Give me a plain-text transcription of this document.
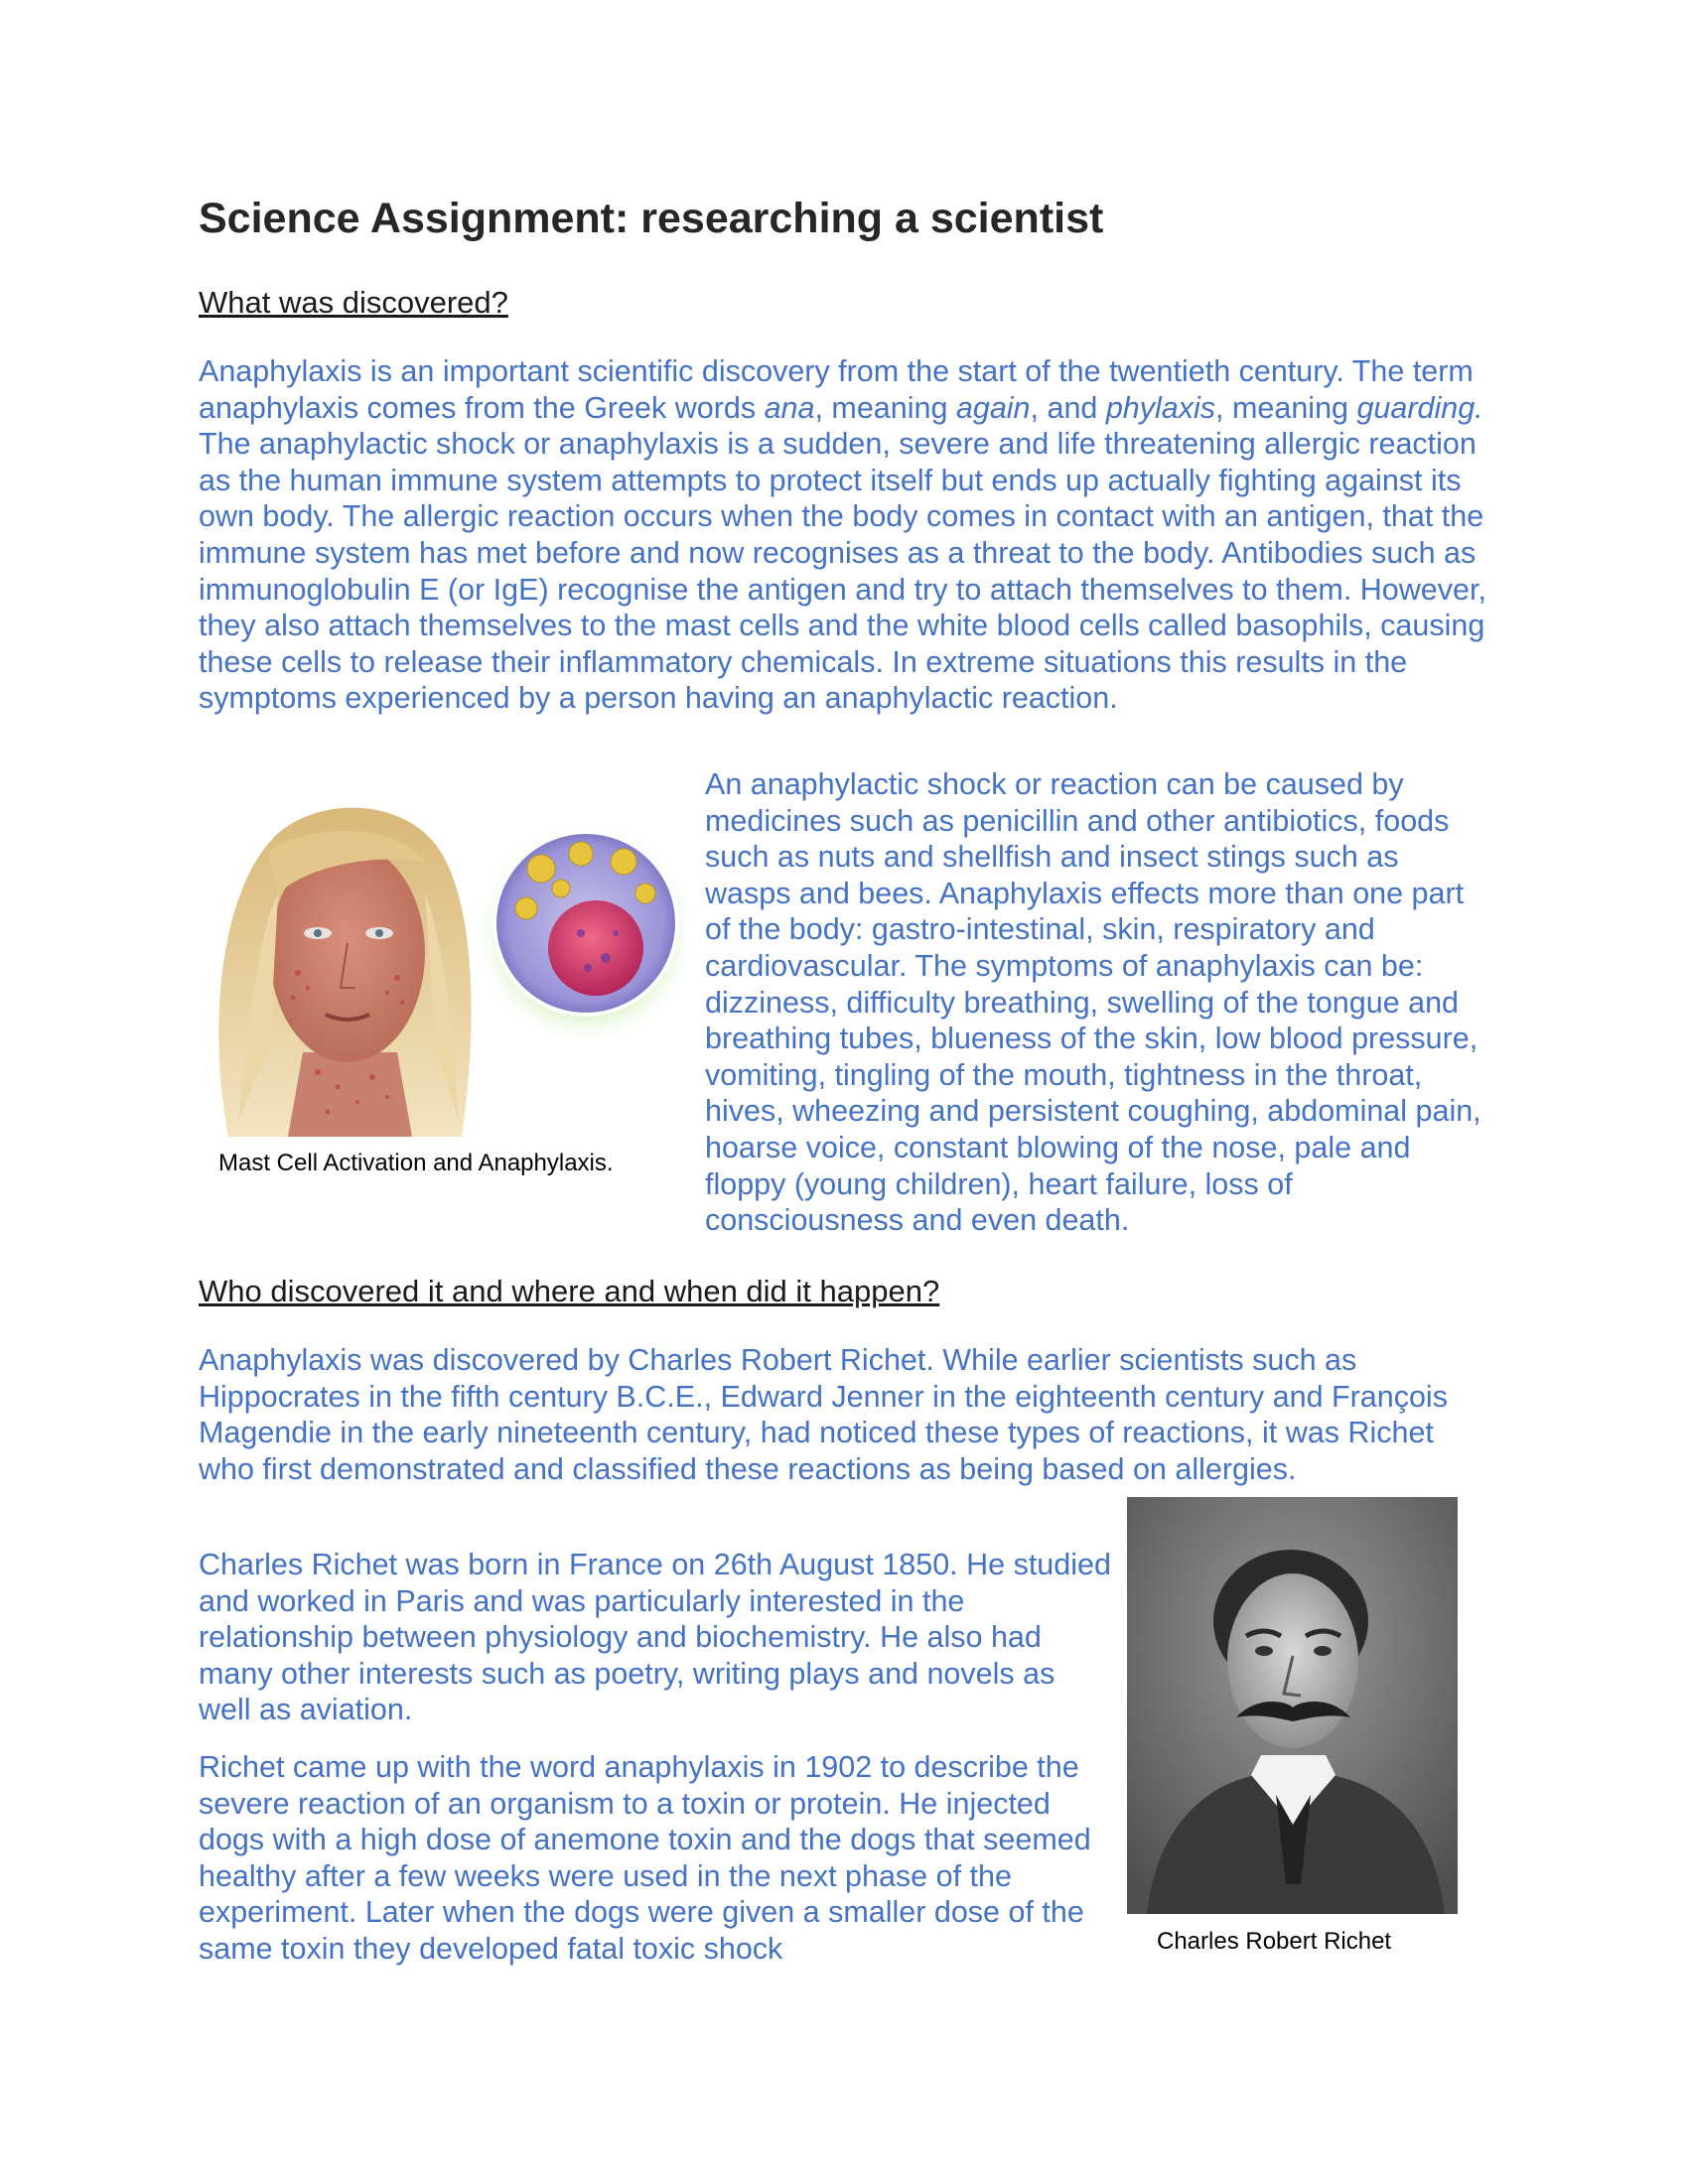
Science Assignment: researching a scientist
What was discovered?

Anaphylaxis is an important scientific discovery from the start of the twentieth century. The term anaphylaxis comes from the Greek words ana, meaning again, and phylaxis, meaning guarding. The anaphylactic shock or anaphylaxis is a sudden, severe and life threatening allergic reaction as the human immune system attempts to protect itself but ends up actually fighting against its own body. The allergic reaction occurs when the body comes in contact with an antigen, that the immune system has met before and now recognises as a threat to the body. Antibodies such as immunoglobulin E (or IgE) recognise the antigen and try to attach themselves to them. However, they also attach themselves to the mast cells and the white blood cells called basophils, causing these cells to release their inflammatory chemicals. In extreme situations this results in the symptoms experienced by a person having an anaphylactic reaction.

Mast Cell Activation and Anaphylaxis.

An anaphylactic shock or reaction can be caused by medicines such as penicillin and other antibiotics, foods such as nuts and shellfish and insect stings such as wasps and bees. Anaphylaxis effects more than one part of the body: gastro-intestinal, skin, respiratory and cardiovascular. The symptoms of anaphylaxis can be: dizziness, difficulty breathing, swelling of the tongue and breathing tubes, blueness of the skin, low blood pressure, vomiting, tingling of the mouth, tightness in the throat, hives, wheezing and persistent coughing, abdominal pain, hoarse voice, constant blowing of the nose, pale and floppy (young children), heart failure, loss of consciousness and even death.

Who discovered it and where and when did it happen?

Anaphylaxis was discovered by Charles Robert Richet. While earlier scientists such as Hippocrates in the fifth century B.C.E., Edward Jenner in the eighteenth century and François Magendie in the early nineteenth century, had noticed these types of reactions, it was Richet who first demonstrated and classified these reactions as being based on allergies.

Charles Richet was born in France on 26th August 1850. He studied and worked in Paris and was particularly interested in the relationship between physiology and biochemistry. He also had many other interests such as poetry, writing plays and novels as well as aviation.

Richet came up with the word anaphylaxis in 1902 to describe the severe reaction of an organism to a toxin or protein. He injected dogs with a high dose of anemone toxin and the dogs that seemed healthy after a few weeks were used in the next phase of the experiment. Later when the dogs were given a smaller dose of the same toxin they developed fatal toxic shock	Charles Robert Richet
